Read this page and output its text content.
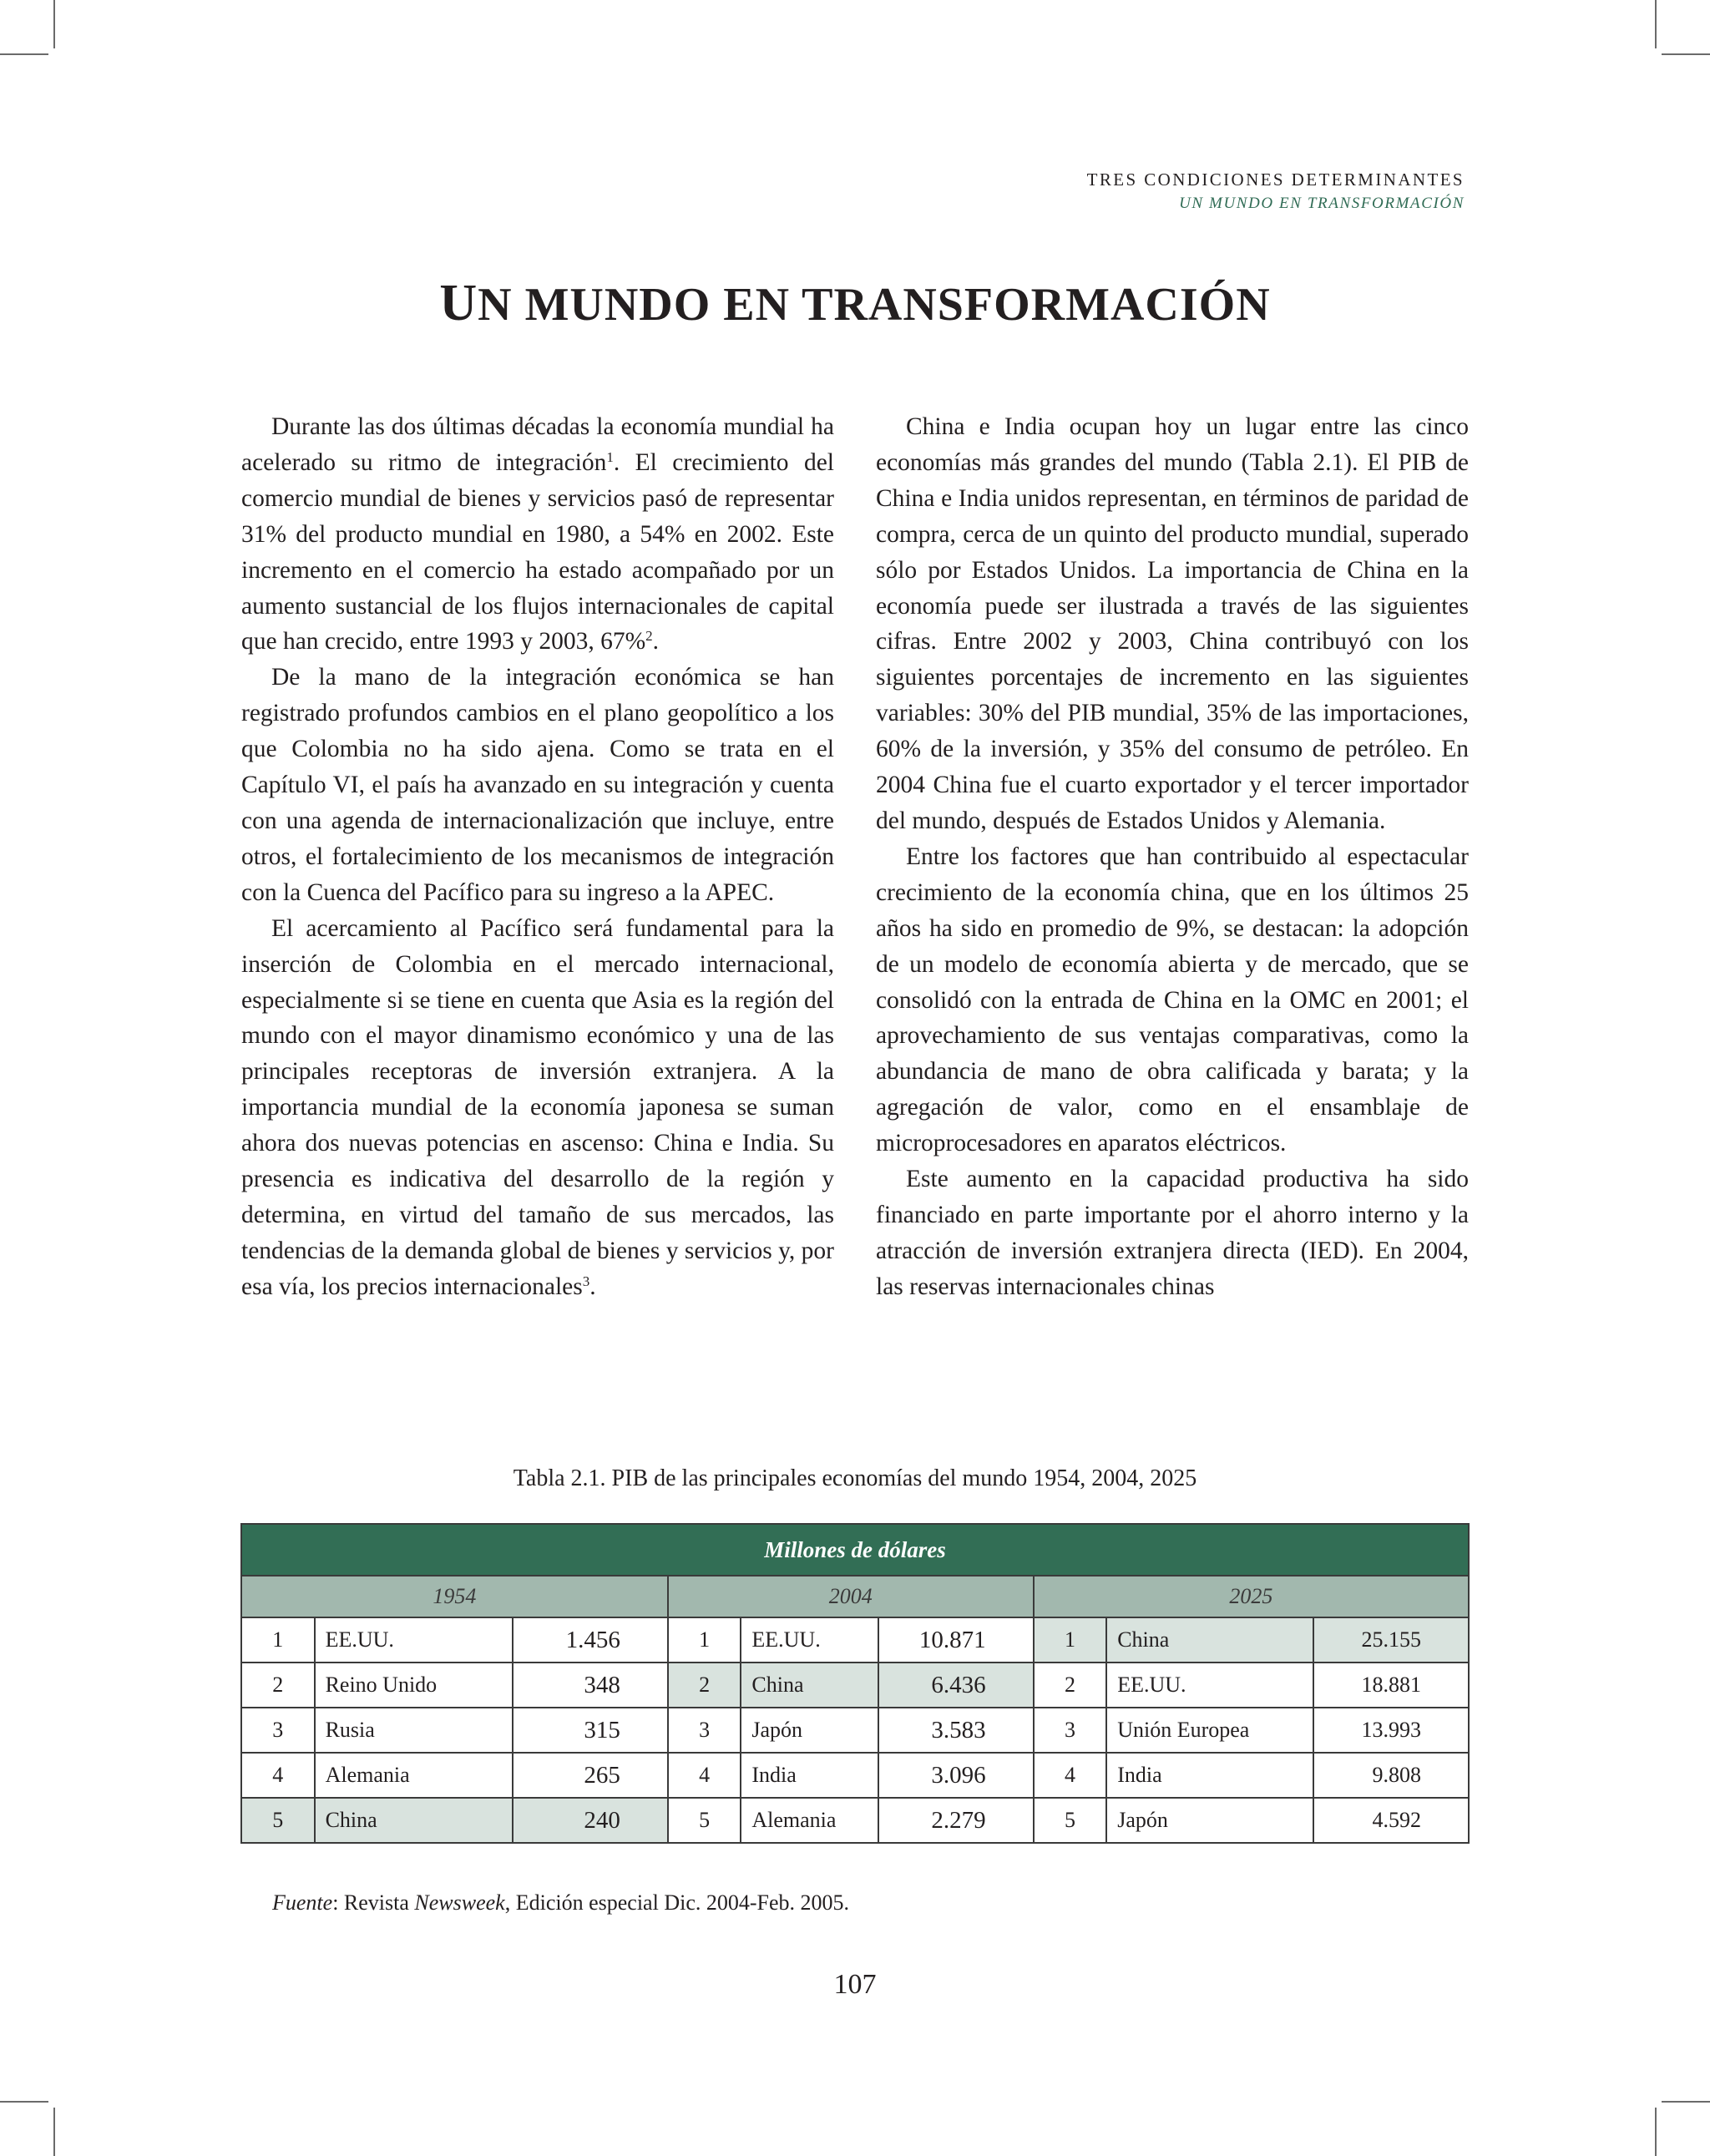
TRES CONDICIONES DETERMINANTES
UN MUNDO EN TRANSFORMACIÓN
UN MUNDO EN TRANSFORMACIÓN

Durante las dos últimas décadas la economía mundial ha acelerado su ritmo de integración$^1$. El crecimiento del comercio mundial de bienes y servicios pasó de representar 31% del producto mundial en 1980, a 54% en 2002. Este incremento en el comercio ha estado acompañado por un aumento sustancial de los flujos internacionales de capital que han crecido, entre 1993 y 2003, 67%$^2$.

De la mano de la integración económica se han registrado profundos cambios en el plano geopolítico a los que Colombia no ha sido ajena. Como se trata en el Capítulo VI, el país ha avanzado en su integración y cuenta con una agenda de internacionalización que incluye, entre otros, el fortalecimiento de los mecanismos de integración con la Cuenca del Pacífico para su ingreso a la APEC.

El acercamiento al Pacífico será fundamental para la inserción de Colombia en el mercado internacional, especialmente si se tiene en cuenta que Asia es la región del mundo con el mayor dinamismo económico y una de las principales receptoras de inversión extranjera. A la importancia mundial de la economía japonesa se suman ahora dos nuevas potencias en ascenso: China e India. Su presencia es indicativa del desarrollo de la región y determina, en virtud del tamaño de sus mercados, las tendencias de la demanda global de bienes y servicios y, por esa vía, los precios internacionales$^3$.

China e India ocupan hoy un lugar entre las cinco economías más grandes del mundo (Tabla 2.1). El PIB de China e India unidos representan, en términos de paridad de compra, cerca de un quinto del producto mundial, superado sólo por Estados Unidos. La importancia de China en la economía puede ser ilustrada a través de las siguientes cifras. Entre 2002 y 2003, China contribuyó con los siguientes porcentajes de incremento en las siguientes variables: 30% del PIB mundial, 35% de las importaciones, 60% de la inversión, y 35% del consumo de petróleo. En 2004 China fue el cuarto exportador y el tercer importador del mundo, después de Estados Unidos y Alemania.

Entre los factores que han contribuido al espectacular crecimiento de la economía china, que en los últimos 25 años ha sido en promedio de 9%, se destacan: la adopción de un modelo de economía abierta y de mercado, que se consolidó con la entrada de China en la OMC en 2001; el aprovechamiento de sus ventajas comparativas, como la abundancia de mano de obra calificada y barata; y la agregación de valor, como en el ensamblaje de microprocesadores en aparatos eléctricos.

Este aumento en la capacidad productiva ha sido financiado en parte importante por el ahorro interno y la atracción de inversión extranjera directa (IED). En 2004, las reservas internacionales chinas

Tabla 2.1. PIB de las principales economías del mundo 1954, 2004, 2025
Millones de dólares								
1954			2004			2025		
1	EE.UU.	1.456	1	EE.UU.	10.871	1	China	25.155
2	Reino Unido	348	2	China	6.436	2	EE.UU.	18.881
3	Rusia	315	3	Japón	3.583	3	Unión Europea	13.993
4	Alemania	265	4	India	3.096	4	India	9.808
5	China	240	5	Alemania	2.279	5	Japón	4.592
Fuente: Revista Newsweek, Edición especial Dic. 2004-Feb. 2005.
107
